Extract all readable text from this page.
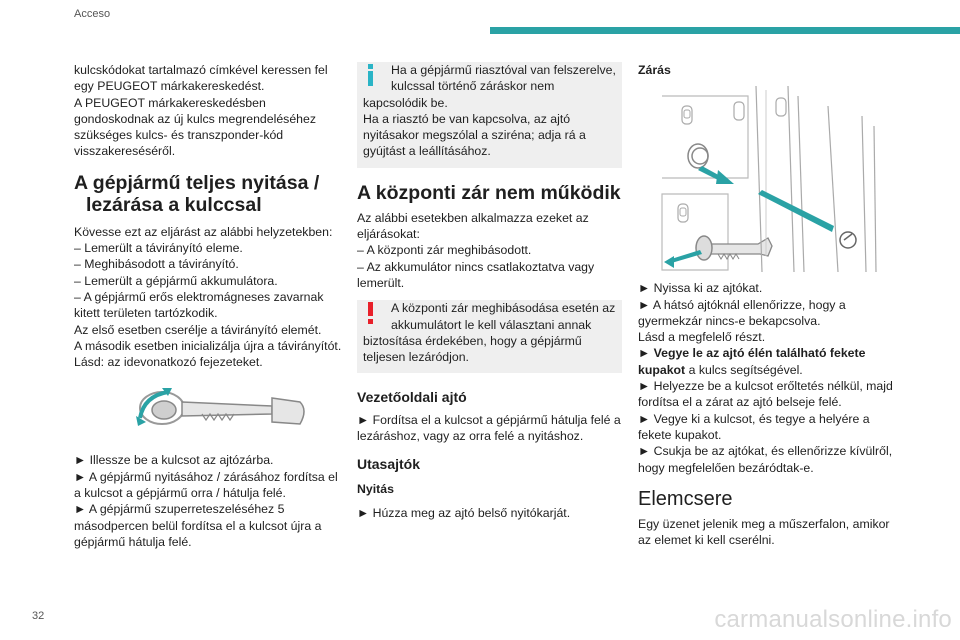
Acceso

kulcskódokat tartalmazó címkével keressen fel

egy PEUGEOT márkakereskedést.

A PEUGEOT márkakereskedésben

gondoskodnak az új kulcs megrendeléséhez

szükséges kulcs- és transzponder-kód

visszakereséséről.

A gépjármű teljes nyitása /
lezárása a kulccsal

Kövesse ezt az eljárást az alábbi helyzetekben:

– Lemerült a távirányító eleme.

– Meghibásodott a távirányító.

– Lemerült a gépjármű akkumulátora.

– A gépjármű erős elektromágneses zavarnak

kitett területen tartózkodik.

Az első esetben cserélje a távirányító elemét.

A második esetben inicializálja újra a távirányítót.

Lásd: az idevonatkozó fejezeteket.

► Illessze be a kulcsot az ajtózárba.

► A gépjármű nyitásához / zárásához fordítsa el

a kulcsot a gépjármű orra / hátulja felé.

► A gépjármű szuperreteszeléséhez 5

másodpercen belül fordítsa el a kulcsot újra a

gépjármű hátulja felé.

Ha a gépjármű riasztóval van felszerelve,

kulcssal történő záráskor nem

kapcsolódik be.

Ha a riasztó be van kapcsolva, az ajtó

nyitásakor megszólal a sziréna; adja rá a

gyújtást a leállításához.

A központi zár nem működik

Az alábbi esetekben alkalmazza ezeket az

eljárásokat:

– A központi zár meghibásodott.

– Az akkumulátor nincs csatlakoztatva vagy

lemerült.

A központi zár meghibásodása esetén az

akkumulátort le kell választani annak

biztosítása érdekében, hogy a gépjármű

teljesen lezáródjon.

Vezetőoldali ajtó

► Fordítsa el a kulcsot a gépjármű hátulja felé a

lezáráshoz, vagy az orra felé a nyitáshoz.

Utasajtók
Nyitás

► Húzza meg az ajtó belső nyitókarját.

Zárás

► Nyissa ki az ajtókat.

► A hátsó ajtóknál ellenőrizze, hogy a

gyermekzár nincs-e bekapcsolva.

Lásd a megfelelő részt.

► Vegye le az ajtó élén található fekete

kupakot a kulcs segítségével.

► Helyezze be a kulcsot erőltetés nélkül, majd

fordítsa el a zárat az ajtó belseje felé.

► Vegye ki a kulcsot, és tegye a helyére a

fekete kupakot.

► Csukja be az ajtókat, és ellenőrizze kívülről,

hogy megfelelően bezáródtak-e.

Elemcsere

Egy üzenet jelenik meg a műszerfalon, amikor

az elemet ki kell cserélni.

32	carmanualsonline.info
